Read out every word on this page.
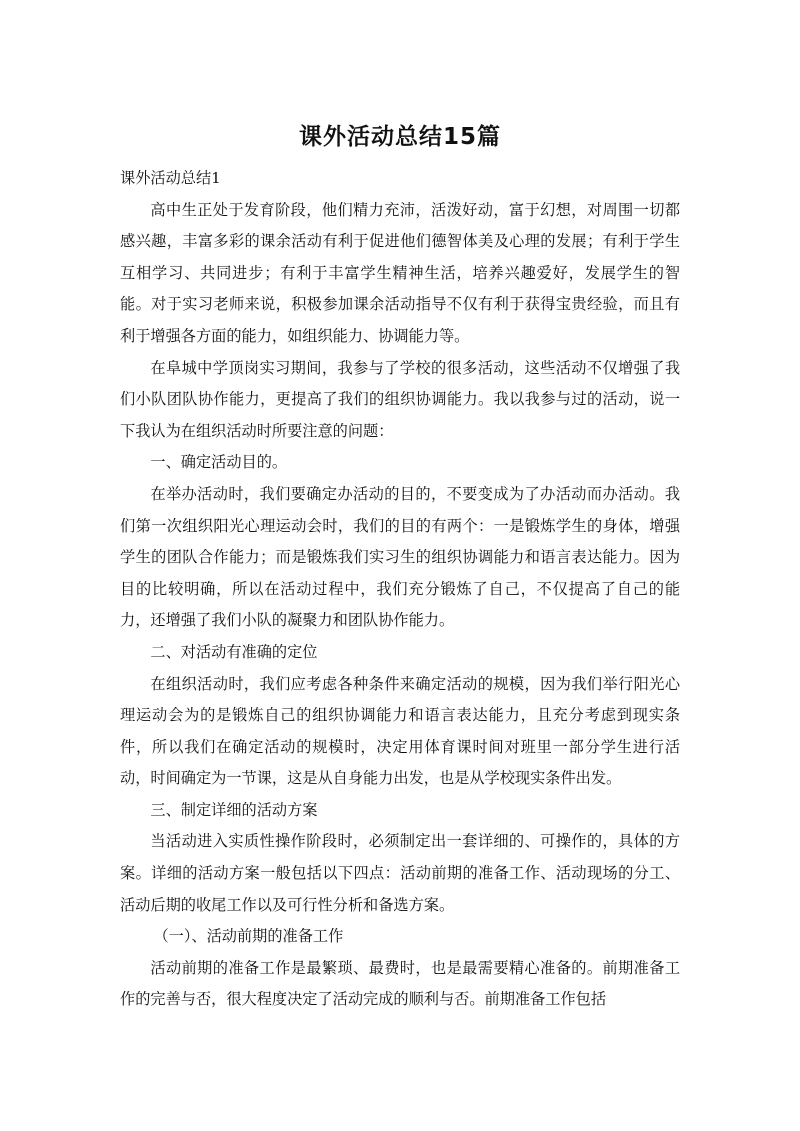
课外活动总结15篇

课外活动总结1

高中生正处于发育阶段，他们精力充沛，活泼好动，富于幻想，对周围一切都感兴趣，丰富多彩的课余活动有利于促进他们德智体美及心理的发展；有利于学生互相学习、共同进步；有利于丰富学生精神生活，培养兴趣爱好，发展学生的智能。对于实习老师来说，积极参加课余活动指导不仅有利于获得宝贵经验，而且有利于增强各方面的能力，如组织能力、协调能力等。

在阜城中学顶岗实习期间，我参与了学校的很多活动，这些活动不仅增强了我们小队团队协作能力，更提高了我们的组织协调能力。我以我参与过的活动，说一下我认为在组织活动时所要注意的问题：

一、确定活动目的。

在举办活动时，我们要确定办活动的目的，不要变成为了办活动而办活动。我们第一次组织阳光心理运动会时，我们的目的有两个：一是锻炼学生的身体，增强学生的团队合作能力；而是锻炼我们实习生的组织协调能力和语言表达能力。因为目的比较明确，所以在活动过程中，我们充分锻炼了自己，不仅提高了自己的能力，还增强了我们小队的凝聚力和团队协作能力。

二、对活动有准确的定位

在组织活动时，我们应考虑各种条件来确定活动的规模，因为我们举行阳光心理运动会为的是锻炼自己的组织协调能力和语言表达能力，且充分考虑到现实条件，所以我们在确定活动的规模时，决定用体育课时间对班里一部分学生进行活动，时间确定为一节课，这是从自身能力出发，也是从学校现实条件出发。

三、制定详细的活动方案

当活动进入实质性操作阶段时，必须制定出一套详细的、可操作的，具体的方案。详细的活动方案一般包括以下四点：活动前期的准备工作、活动现场的分工、活动后期的收尾工作以及可行性分析和备选方案。

（一）、活动前期的准备工作

活动前期的准备工作是最繁琐、最费时，也是最需要精心准备的。前期准备工作的完善与否，很大程度决定了活动完成的顺利与否。前期准备工作包括
